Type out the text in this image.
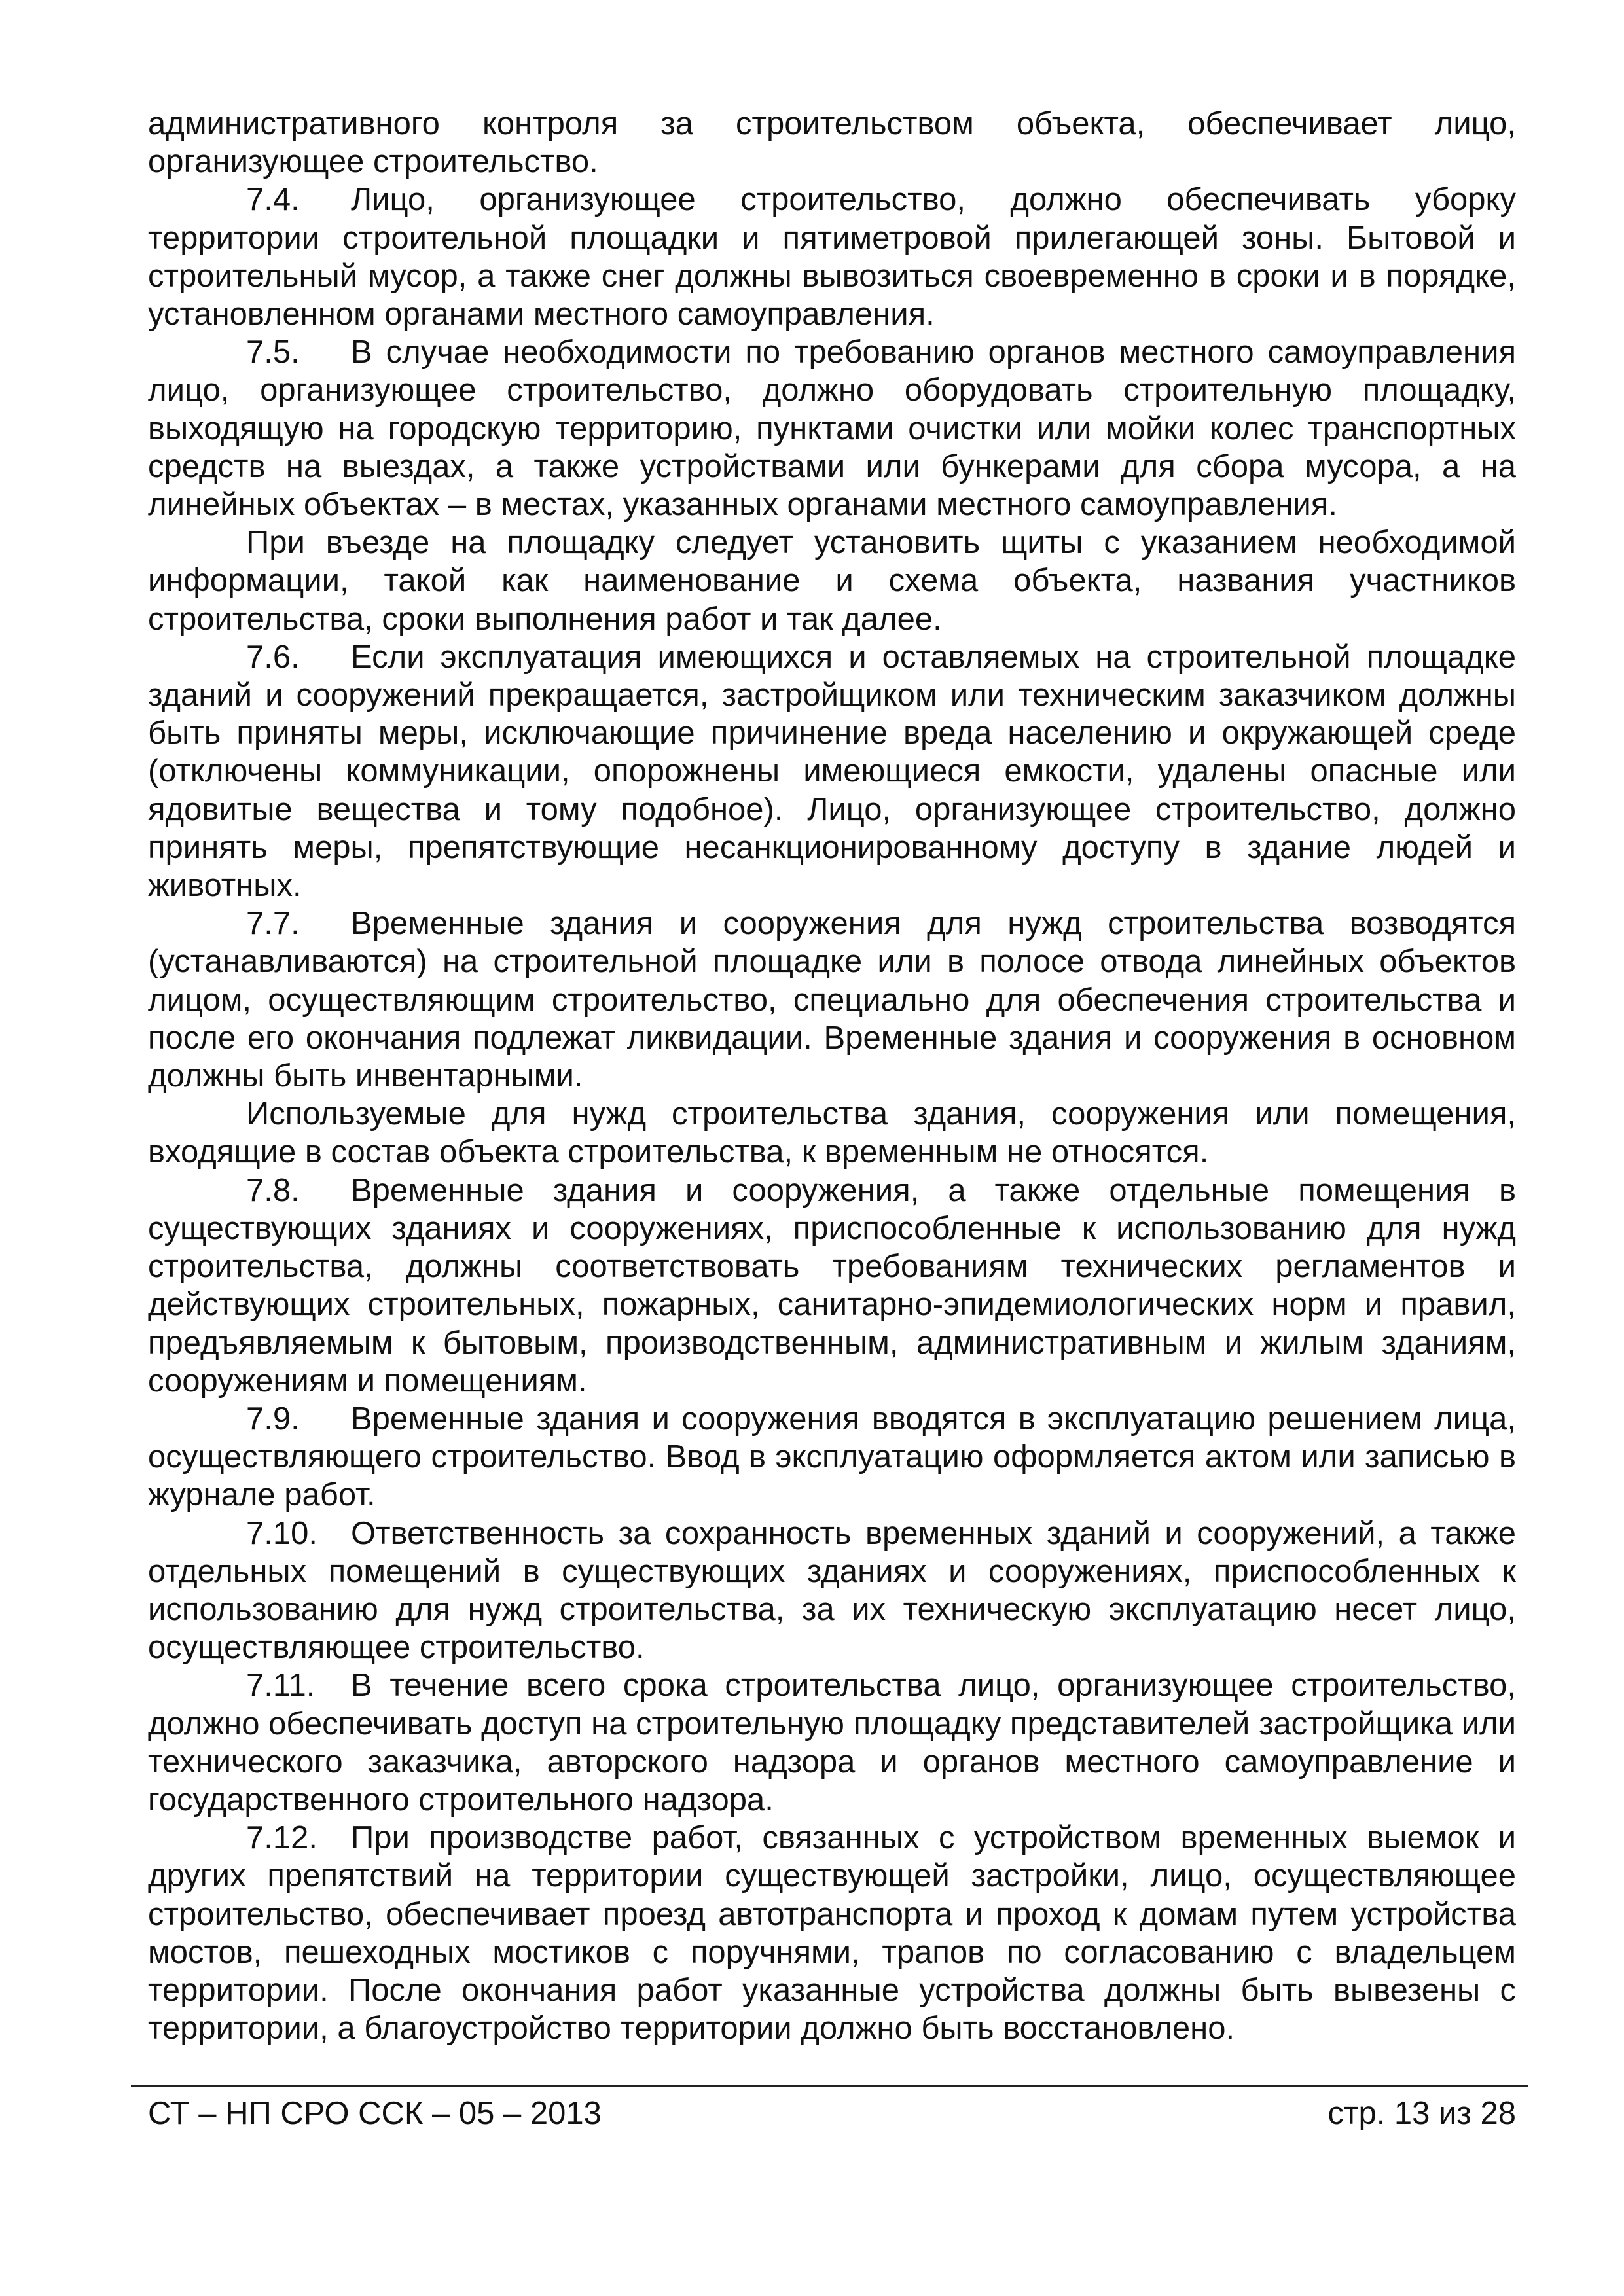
административного контроля за строительством объекта, обеспечивает лицо, организующее строительство.

7.4. Лицо, организующее строительство, должно обеспечивать уборку территории строительной площадки и пятиметровой прилегающей зоны. Бытовой и строительный мусор, а также снег должны вывозиться своевременно в сроки и в порядке, установленном органами местного самоуправления.

7.5. В случае необходимости по требованию органов местного самоуправления лицо, организующее строительство, должно оборудовать строительную площадку, выходящую на городскую территорию, пунктами очистки или мойки колес транспортных средств на выездах, а также устройствами или бункерами для сбора мусора, а на линейных объектах – в местах, указанных органами местного самоуправления.

При въезде на площадку следует установить щиты с указанием необходимой информации, такой как наименование и схема объекта, названия участников строительства, сроки выполнения работ и так далее.

7.6. Если эксплуатация имеющихся и оставляемых на строительной площадке зданий и сооружений прекращается, застройщиком или техническим заказчиком должны быть приняты меры, исключающие причинение вреда населению и окружающей среде (отключены коммуникации, опорожнены имеющиеся емкости, удалены опасные или ядовитые вещества и тому подобное). Лицо, организующее строительство, должно принять меры, препятствующие несанкционированному доступу в здание людей и животных.

7.7. Временные здания и сооружения для нужд строительства возводятся (устанавливаются) на строительной площадке или в полосе отвода линейных объектов лицом, осуществляющим строительство, специально для обеспечения строительства и после его окончания подлежат ликвидации. Временные здания и сооружения в основном должны быть инвентарными.

Используемые для нужд строительства здания, сооружения или помещения, входящие в состав объекта строительства, к временным не относятся.

7.8. Временные здания и сооружения, а также отдельные помещения в существующих зданиях и сооружениях, приспособленные к использованию для нужд строительства, должны соответствовать требованиям технических регламентов и действующих строительных, пожарных, санитарно-эпидемиологических норм и правил, предъявляемым к бытовым, производственным, административным и жилым зданиям, сооружениям и помещениям.

7.9. Временные здания и сооружения вводятся в эксплуатацию решением лица, осуществляющего строительство. Ввод в эксплуатацию оформляется актом или записью в журнале работ.

7.10. Ответственность за сохранность временных зданий и сооружений, а также отдельных помещений в существующих зданиях и сооружениях, приспособленных к использованию для нужд строительства, за их техническую эксплуатацию несет лицо, осуществляющее строительство.

7.11. В течение всего срока строительства лицо, организующее строительство, должно обеспечивать доступ на строительную площадку представителей застройщика или технического заказчика, авторского надзора и органов местного самоуправление и государственного строительного надзора.

7.12. При производстве работ, связанных с устройством временных выемок и других препятствий на территории существующей застройки, лицо, осуществляющее строительство, обеспечивает проезд автотранспорта и проход к домам путем устройства мостов, пешеходных мостиков с поручнями, трапов по согласованию с владельцем территории. После окончания работ указанные устройства должны быть вывезены с территории, а благоустройство территории должно быть восстановлено.

СТ – НП СРО ССК – 05 – 2013	стр. 13 из 28
